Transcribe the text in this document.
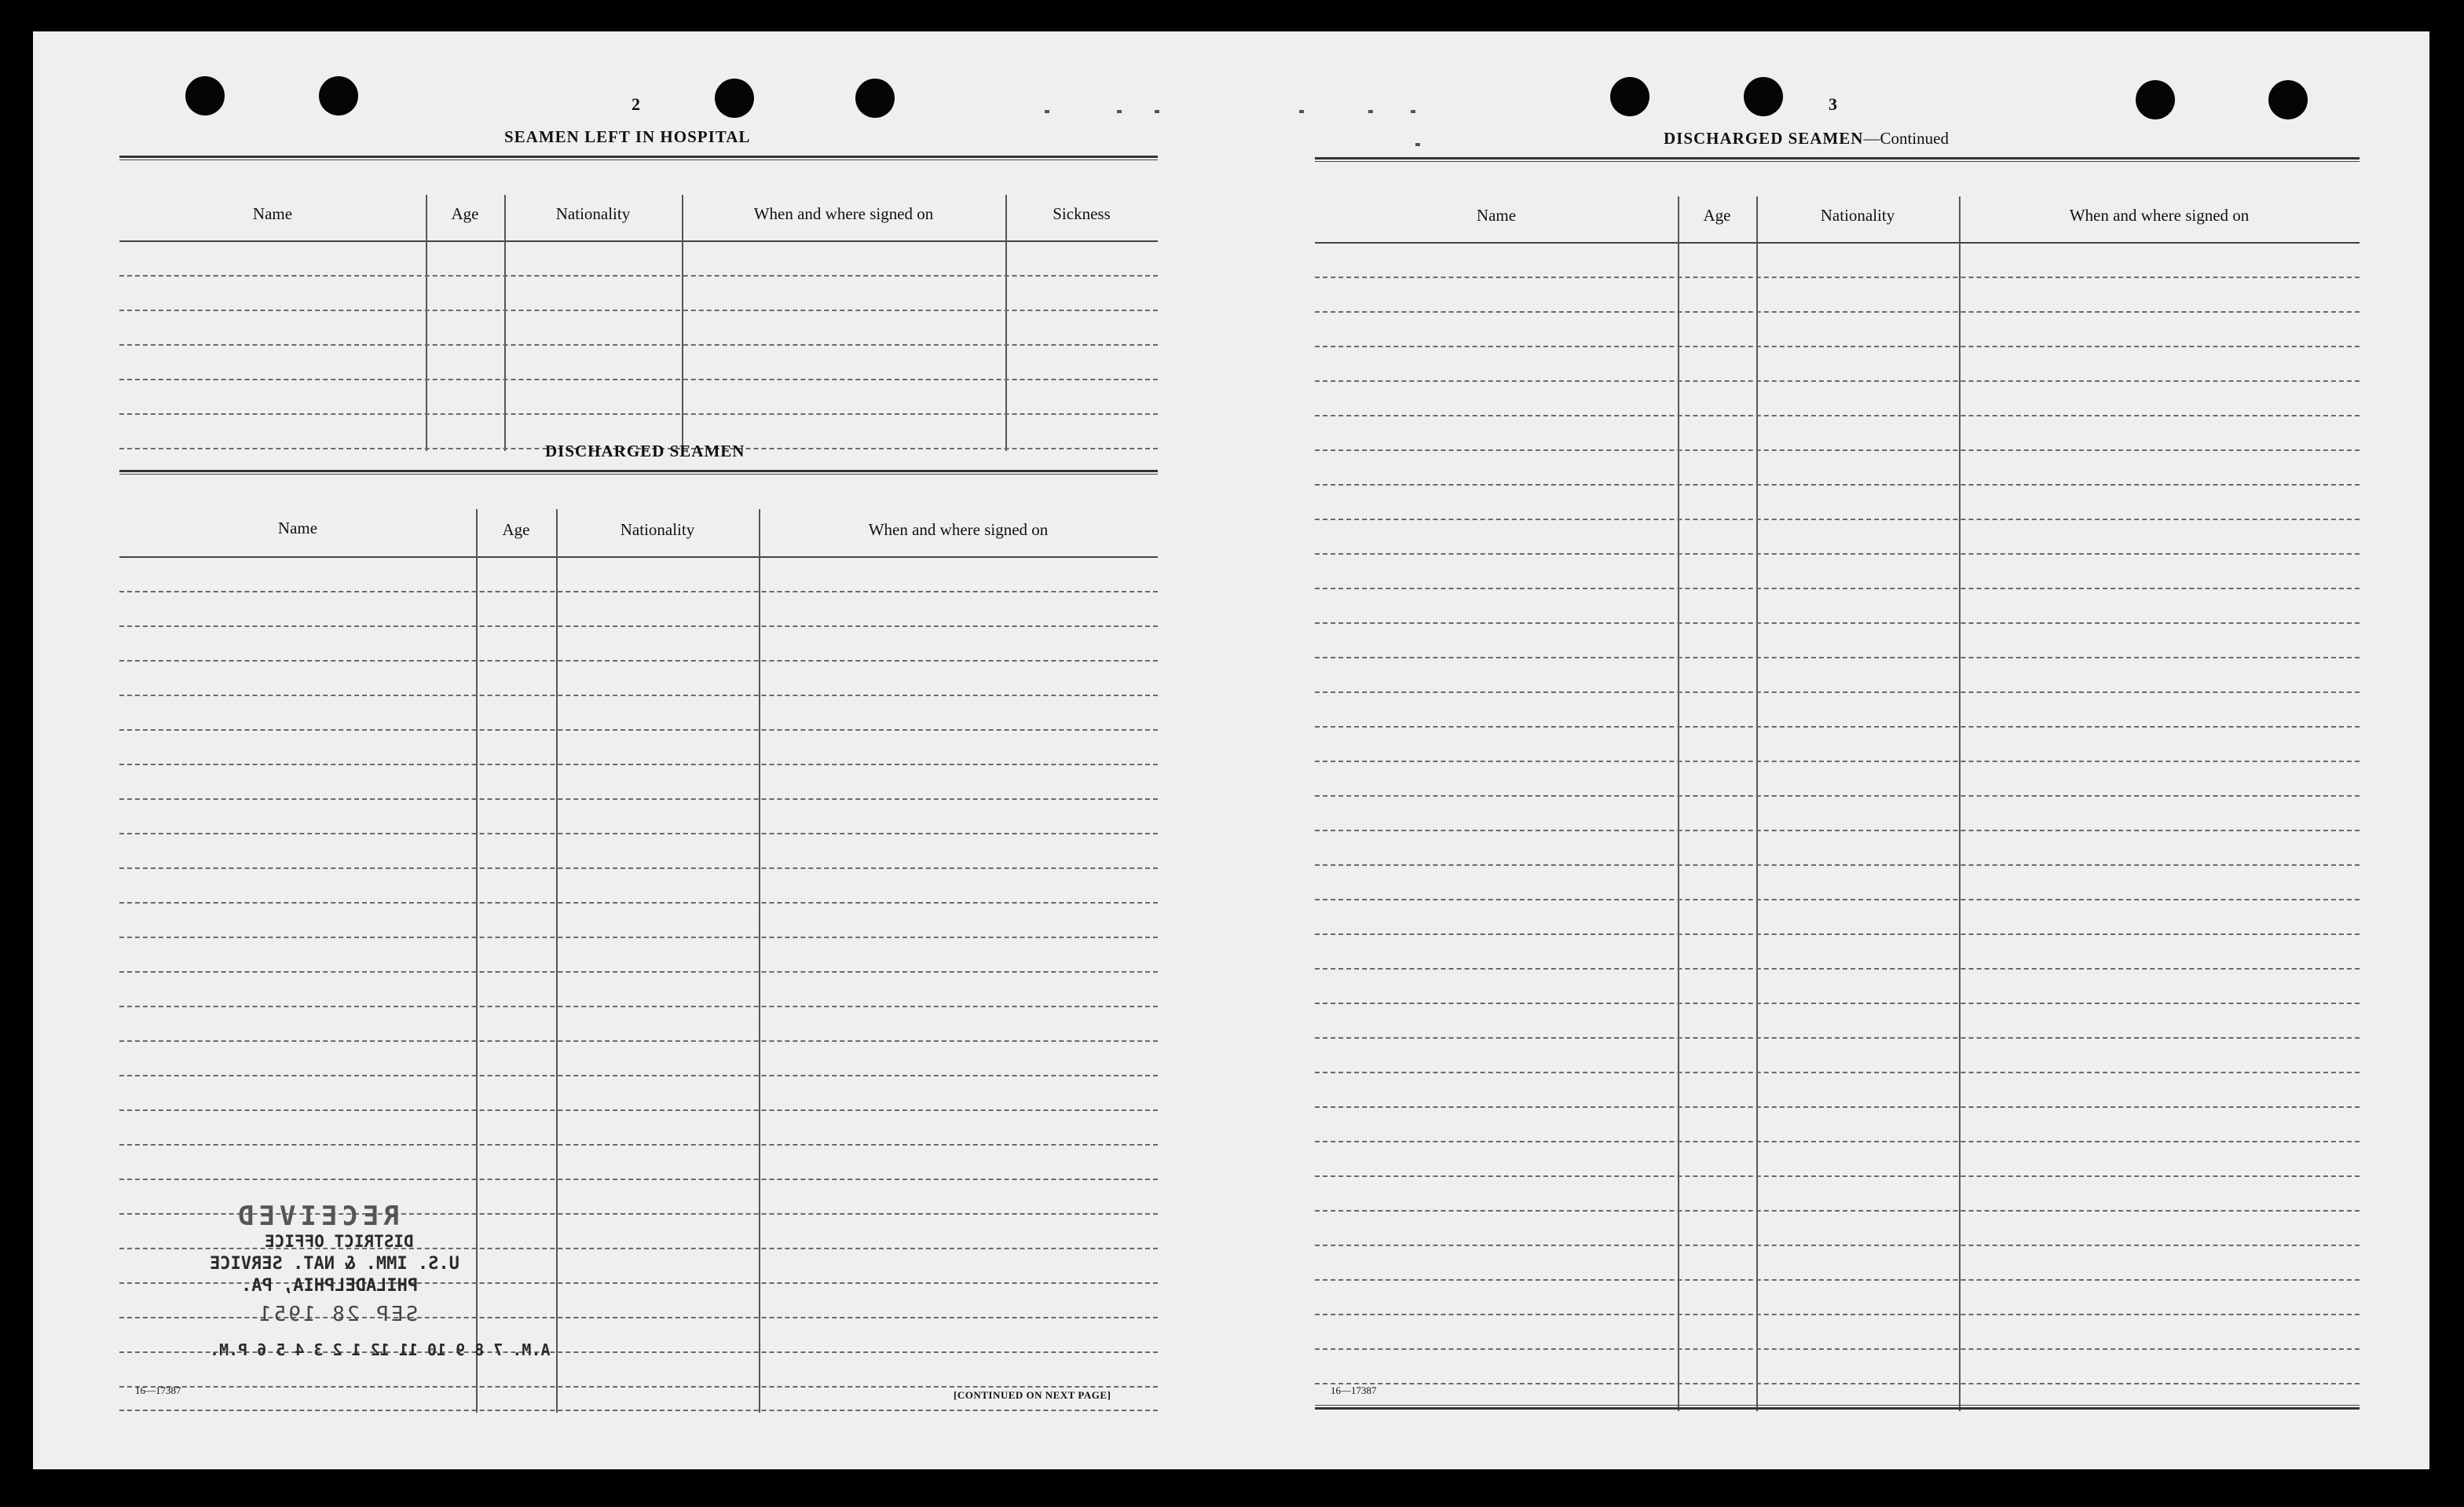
2
SEAMEN LEFT IN HOSPITAL
Name	Age	Nationality	When and where signed on	Sickness
DISCHARGED SEAMEN
Name	Age	Nationality	When and where signed on
16—17387	[CONTINUED ON NEXT PAGE]
RECEIVED
DISTRICT OFFICE
U.S. IMM. & NAT. SERVICE
PHILADELPHIA, PA.
SEP 28 1951
A.M. 7 8 9 10 11 12 1 2 3 4 5 6 P.M.
3
DISCHARGED SEAMEN—Continued
Name	Age	Nationality	When and where signed on
16—17387
